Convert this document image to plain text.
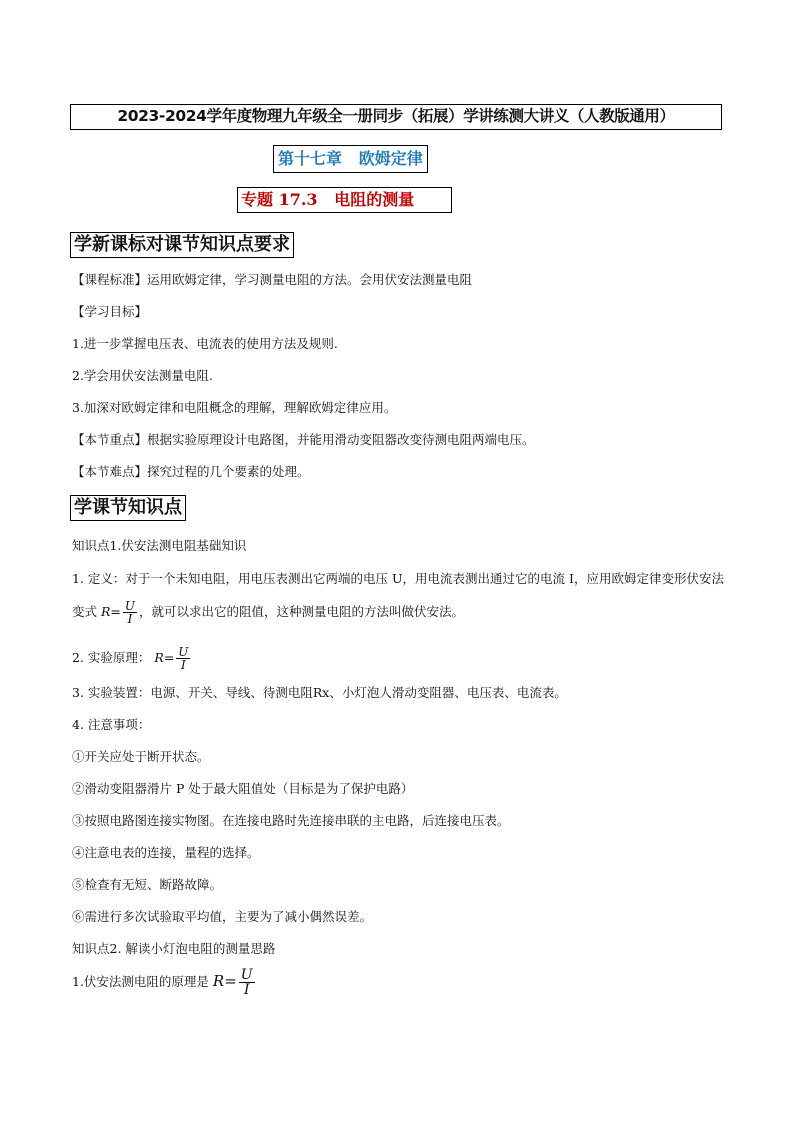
2023-2024学年度物理九年级全一册同步（拓展）学讲练测大讲义（人教版通用）
第十七章   欧姆定律
专题 17.3   电阻的测量
学新课标对课节知识点要求
【课程标准】运用欧姆定律，学习测量电阻的方法。会用伏安法测量电阻
【学习目标】
1.进一步掌握电压表、电流表的使用方法及规则.
2.学会用伏安法测量电阻.
3.加深对欧姆定律和电阻概念的理解，理解欧姆定律应用。
【本节重点】根据实验原理设计电路图，并能用滑动变阻器改变待测电阻两端电压。
【本节难点】探究过程的几个要素的处理。
学课节知识点
知识点1.伏安法测电阻基础知识
1. 定义：对于一个未知电阻，用电压表测出它两端的电压 U，用电流表测出通过它的电流 I，应用欧姆定律变形伏安法变式 $R= \frac{U}{I}$ ，就可以求出它的阻值，这种测量电阻的方法叫做伏安法。
2. 实验原理： $R= \frac{U}{I}$
3. 实验装置：电源、开关、导线、待测电阻Rx、小灯泡人滑动变阻器、电压表、电流表。
4. 注意事项：
①开关应处于断开状态。
②滑动变阻器滑片 P 处于最大阻值处（目标是为了保护电路）
③按照电路图连接实物图。在连接电路时先连接串联的主电路，后连接电压表。
④注意电表的连接，量程的选择。
⑤检查有无短、断路故障。
⑥需进行多次试验取平均值，主要为了减小偶然误差。
知识点2. 解读小灯泡电阻的测量思路
1.伏安法测电阻的原理是 $R= \frac{U}{I}$
